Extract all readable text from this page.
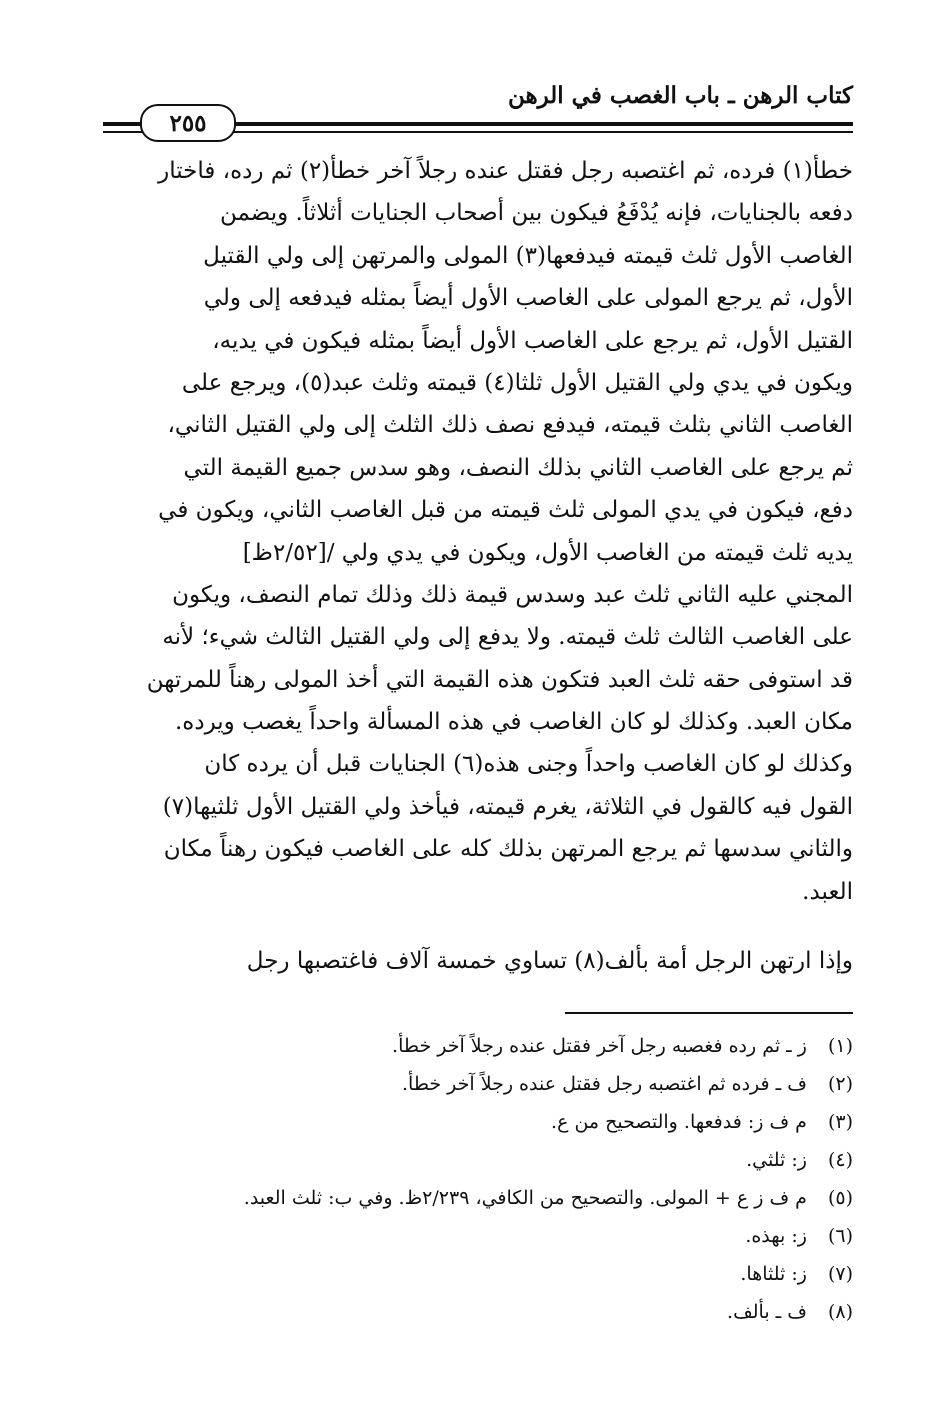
كتاب الرهن ـ باب الغصب في الرهن
٢٥٥
خطأ(١) فرده، ثم اغتصبه رجل فقتل عنده رجلاً آخر خطأ(٢) ثم رده، فاختار
دفعه بالجنايات، فإنه يُدْفَعُ فيكون بين أصحاب الجنايات أثلاثاً. ويضمن
الغاصب الأول ثلث قيمته فيدفعها(٣) المولى والمرتهن إلى ولي القتيل
الأول، ثم يرجع المولى على الغاصب الأول أيضاً بمثله فيدفعه إلى ولي
القتيل الأول، ثم يرجع على الغاصب الأول أيضاً بمثله فيكون في يديه،
ويكون في يدي ولي القتيل الأول ثلثا(٤) قيمته وثلث عبد(٥)، ويرجع على
الغاصب الثاني بثلث قيمته، فيدفع نصف ذلك الثلث إلى ولي القتيل الثاني،
ثم يرجع على الغاصب الثاني بذلك النصف، وهو سدس جميع القيمة التي
دفع، فيكون في يدي المولى ثلث قيمته من قبل الغاصب الثاني، ويكون في
يديه ثلث قيمته من الغاصب الأول، ويكون في يدي ولي /[٢/٥٢ظ]
المجني عليه الثاني ثلث عبد وسدس قيمة ذلك وذلك تمام النصف، ويكون
على الغاصب الثالث ثلث قيمته. ولا يدفع إلى ولي القتيل الثالث شيء؛ لأنه
قد استوفى حقه ثلث العبد فتكون هذه القيمة التي أخذ المولى رهناً للمرتهن
مكان العبد. وكذلك لو كان الغاصب في هذه المسألة واحداً يغصب ويرده.
وكذلك لو كان الغاصب واحداً وجنى هذه(٦) الجنايات قبل أن يرده كان
القول فيه كالقول في الثلاثة، يغرم قيمته، فيأخذ ولي القتيل الأول ثلثيها(٧)
والثاني سدسها ثم يرجع المرتهن بذلك كله على الغاصب فيكون رهناً مكان
العبد.
وإذا ارتهن الرجل أمة بألف(٨) تساوي خمسة آلاف فاغتصبها رجل
(١) ز ـ ثم رده فغصبه رجل آخر فقتل عنده رجلاً آخر خطأ.
(٢) ف ـ فرده ثم اغتصبه رجل فقتل عنده رجلاً آخر خطأ.
(٣) م ف ز: فدفعها. والتصحيح من ع.
(٤) ز: ثلثي.
(٥) م ف ز ع + المولى. والتصحيح من الكافي، ٢/٢٣٩ظ. وفي ب: ثلث العبد.
(٦) ز: بهذه.
(٧) ز: ثلثاها.
(٨) ف ـ بألف.
